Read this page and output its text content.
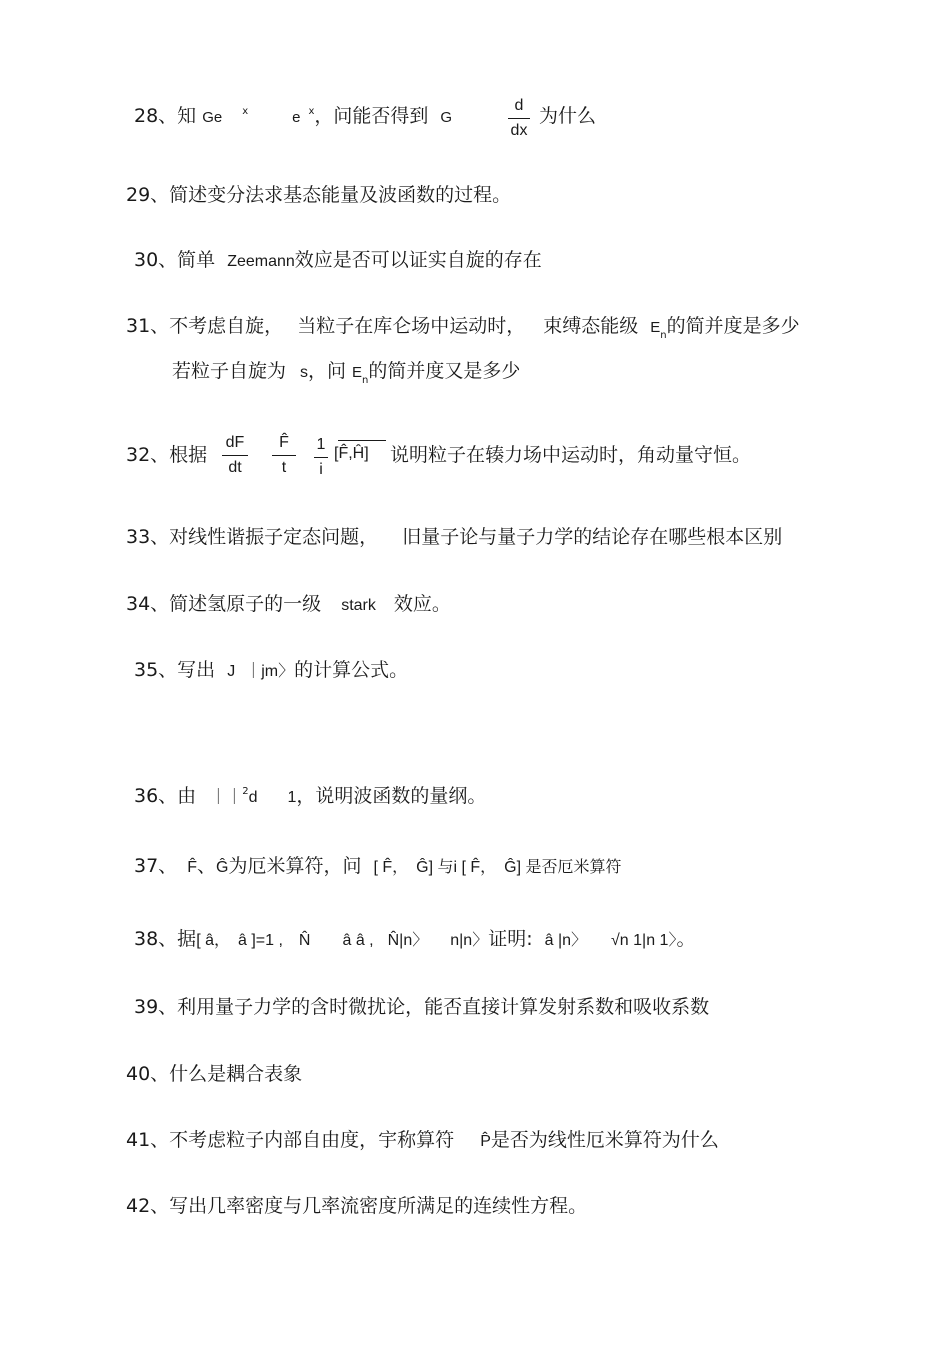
28、知 Ge $^x$	e $^x$，问能否得到 G
d
dx
为什么
29、简述变分法求基态能量及波函数的过程。
30、简单 Zeemann效应是否可以证实自旋的存在
31、不考虑自旋， 当粒子在库仑场中运动时， 束缚态能级 $E_n$的简并度是多少
若粒子自旋为 s，问 $E_n$的简并度又是多少
32、根据
dF
dt
F̂
t
1
i
[F̂,Ĥ] 说明粒子在辏力场中运动时，角动量守恒。
33、对线性谐振子定态问题， 旧量子论与量子力学的结论存在哪些根本区别
34、简述氢原子的一级 stark 效应。
35、写出 J ｜jm〉的计算公式。
36、由 ｜｜$^2$d 1，说明波函数的量纲。
37、 F̂、Ĝ为厄米算符，问 [ F̂， Ĝ] 与i [ F̂， Ĝ] 是否厄米算符
38、据[ â， â ]=1 , N̂ â â , N̂|n〉 n|n〉证明: â |n〉 √n 1|n 1〉。
39、利用量子力学的含时微扰论，能否直接计算发射系数和吸收系数
40、什么是耦合表象
41、不考虑粒子内部自由度，宇称算符 P̂是否为线性厄米算符为什么
42、写出几率密度与几率流密度所满足的连续性方程。
